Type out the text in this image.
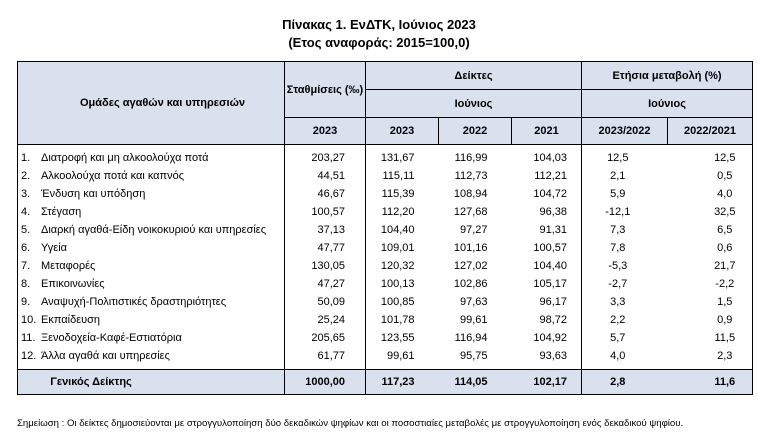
Πίνακας 1. ΕνΔΤΚ, Ιούνιος 2023
(Ετος αναφοράς: 2015=100,0)
Ομάδες αγαθών και υπηρεσιών	Σταθμίσεις (‰)	Δείκτες			Ετήσια μεταβολή (%)	
		Ιούνιος			Ιούνιος	
	2023	2023	2022	2021	2023/2022	2022/2021
1. Διατροφή και μη αλκοολούχα ποτά	203,27	131,67	116,99	104,03	12,5	12,5
2. Αλκοολούχα ποτά και καπνός	44,51	115,11	112,73	112,21	2,1	0,5
3. Ένδυση και υπόδηση	46,67	115,39	108,94	104,72	5,9	4,0
4. Στέγαση	100,57	112,20	127,68	96,38	-12,1	32,5
5. Διαρκή αγαθά-Είδη νοικοκυριού και υπηρεσίες	37,13	104,40	97,27	91,31	7,3	6,5
6. Υγεία	47,77	109,01	101,16	100,57	7,8	0,6
7. Μεταφορές	130,05	120,32	127,02	104,40	-5,3	21,7
8. Επικοινωνίες	47,27	100,13	102,86	105,17	-2,7	-2,2
9. Αναψυχή-Πολιτιστικές δραστηριότητες	50,09	100,85	97,63	96,17	3,3	1,5
10. Εκπαίδευση	25,24	101,78	99,61	98,72	2,2	0,9
11. Ξενοδοχεία-Καφέ-Εστιατόρια	205,65	123,55	116,94	104,92	5,7	11,5
12. Άλλα αγαθά και υπηρεσίες	61,77	99,61	95,75	93,63	4,0	2,3
Γενικός Δείκτης	1000,00	117,23	114,05	102,17	2,8	11,6
Σημείωση : Οι δείκτες δημοσιεύονται με στρογγυλοποίηση δύο δεκαδικών ψηφίων και οι ποσοστιαίες μεταβολές με στρογγυλοποίηση ενός δεκαδικού ψηφίου.
